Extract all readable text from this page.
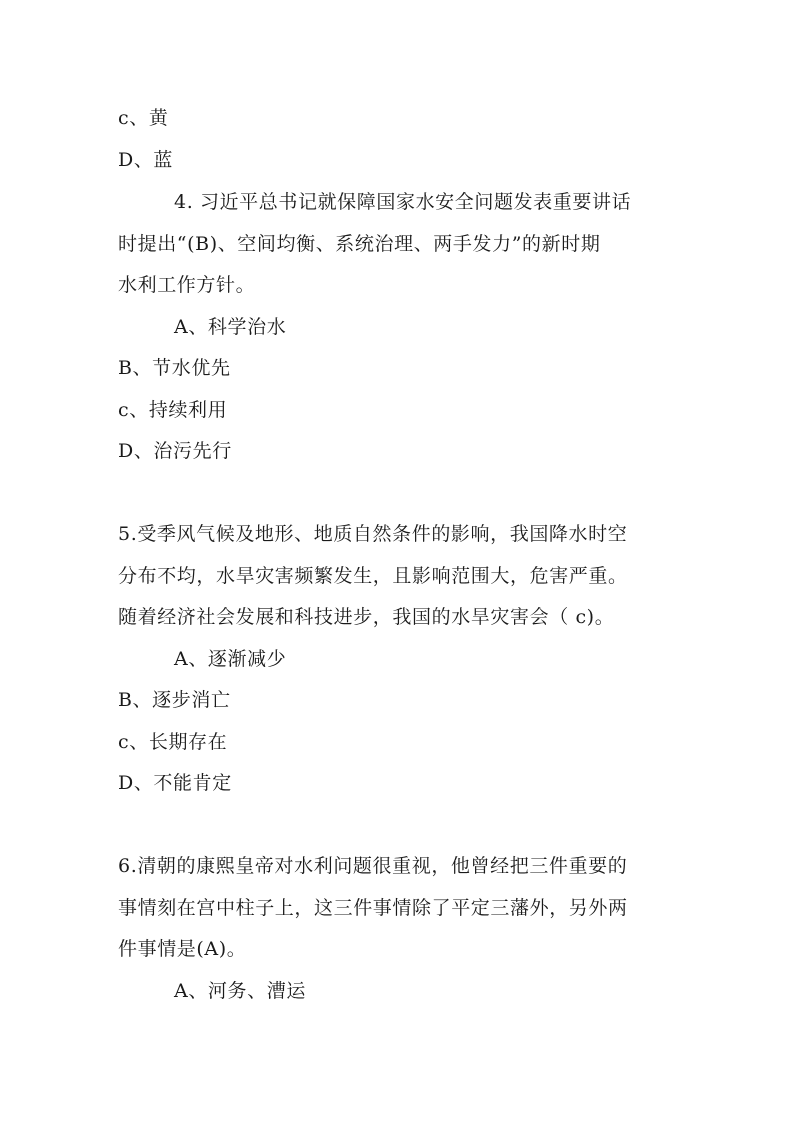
c、黄

D、蓝

4. 习近平总书记就保障国家水安全问题发表重要讲话

时提出“(B)、空间均衡、系统治理、两手发力”的新时期

水利工作方针。

A、科学治水

B、节水优先

c、持续利用

D、治污先行

5.受季风气候及地形、地质自然条件的影响，我国降水时空

分布不均，水旱灾害频繁发生，且影响范围大，危害严重。

随着经济社会发展和科技进步，我国的水旱灾害会（ c)。

A、逐渐减少

B、逐步消亡

c、长期存在

D、不能肯定

6.清朝的康熙皇帝对水利问题很重视，他曾经把三件重要的

事情刻在宫中柱子上，这三件事情除了平定三藩外，另外两

件事情是(A)。

A、河务、漕运
